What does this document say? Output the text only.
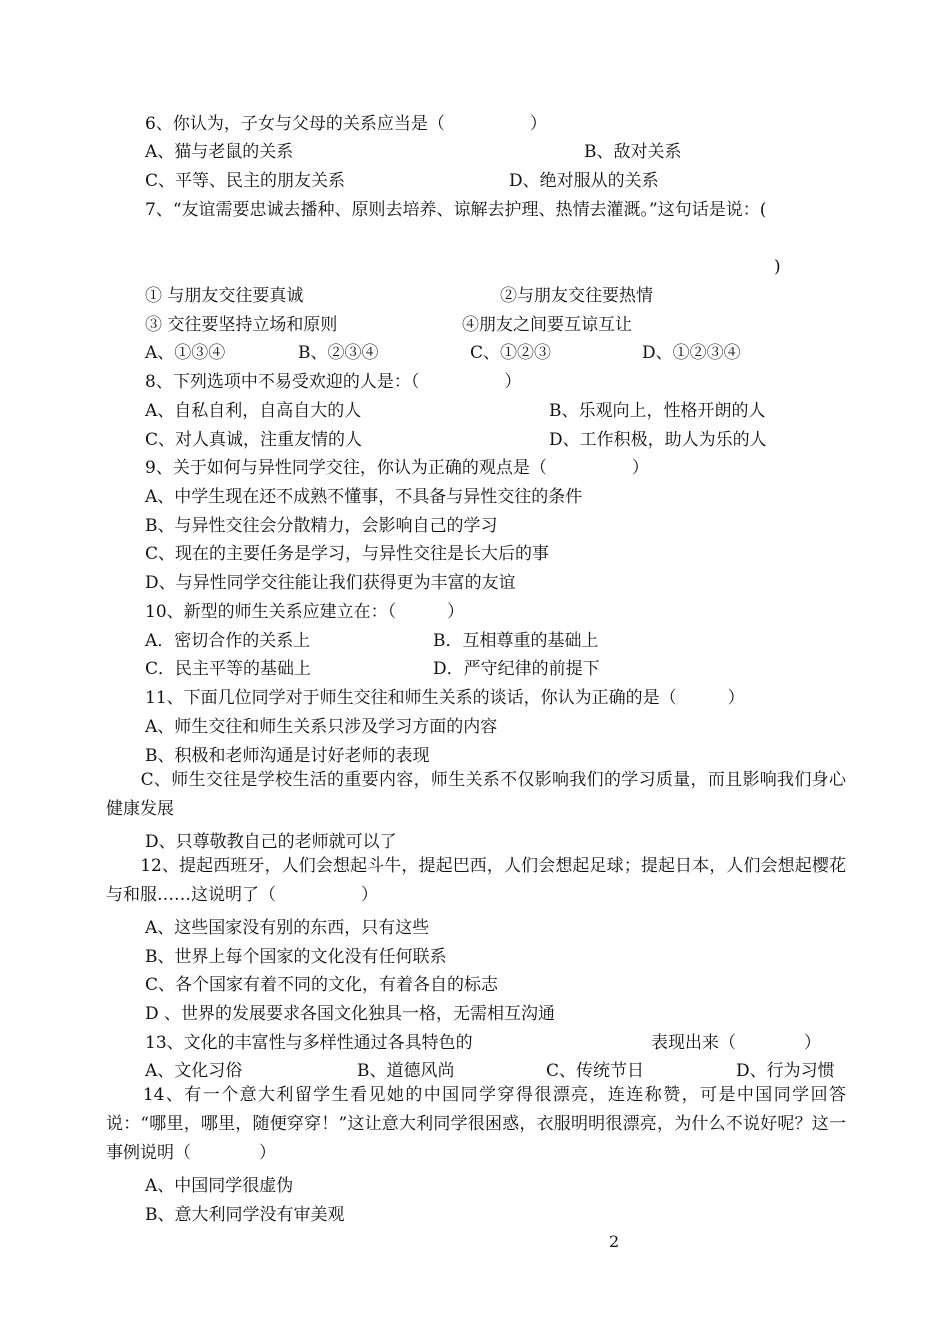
6、你认为，子女与父母的关系应当是（　　　　　）
A、猫与老鼠的关系	B、敌对关系
C、平等、民主的朋友关系	D、绝对服从的关系
7、“友谊需要忠诚去播种、原则去培养、谅解去护理、热情去灌溉。”这句话是说：(
)
① 与朋友交往要真诚	②与朋友交往要热情
③ 交往要坚持立场和原则	④朋友之间要互谅互让
A、①③④	B、②③④	C、①②③	D、①②③④
8、下列选项中不易受欢迎的人是：（　　　　　）
A、自私自利，自高自大的人	B、乐观向上，性格开朗的人
C、对人真诚，注重友情的人	D、工作积极，助人为乐的人
9、关于如何与异性同学交往，你认为正确的观点是（　　　　　）
A、中学生现在还不成熟不懂事，不具备与异性交往的条件
B、与异性交往会分散精力，会影响自己的学习
C、现在的主要任务是学习，与异性交往是长大后的事
D、与异性同学交往能让我们获得更为丰富的友谊
10、新型的师生关系应建立在：（　　　）
A．密切合作的关系上	B．互相尊重的基础上
C．民主平等的基础上	D．严守纪律的前提下
11、下面几位同学对于师生交往和师生关系的谈话，你认为正确的是（　　　）
A、师生交往和师生关系只涉及学习方面的内容
B、积极和老师沟通是讨好老师的表现
D、只尊敬教自己的老师就可以了
A、这些国家没有别的东西，只有这些
B、世界上每个国家的文化没有任何联系
C、各个国家有着不同的文化，有着各自的标志
D 、世界的发展要求各国文化独具一格，无需相互沟通
13、文化的丰富性与多样性通过各具特色的	表现出来（　　　　）
A、文化习俗	B、道德风尚	C、传统节日	D、行为习惯
A、中国同学很虚伪
B、意大利同学没有审美观
　　C、师生交往是学校生活的重要内容，师生关系不仅影响我们的学习质量，而且影响我们身心健康发展
　　12、提起西班牙，人们会想起斗牛，提起巴西，人们会想起足球；提起日本，人们会想起樱花与和服……这说明了（　　　　　）
　　14、有一个意大利留学生看见她的中国同学穿得很漂亮，连连称赞，可是中国同学回答说：“哪里，哪里，随便穿穿！”这让意大利同学很困惑，衣服明明很漂亮，为什么不说好呢？这一事例说明（　　　　）
2
